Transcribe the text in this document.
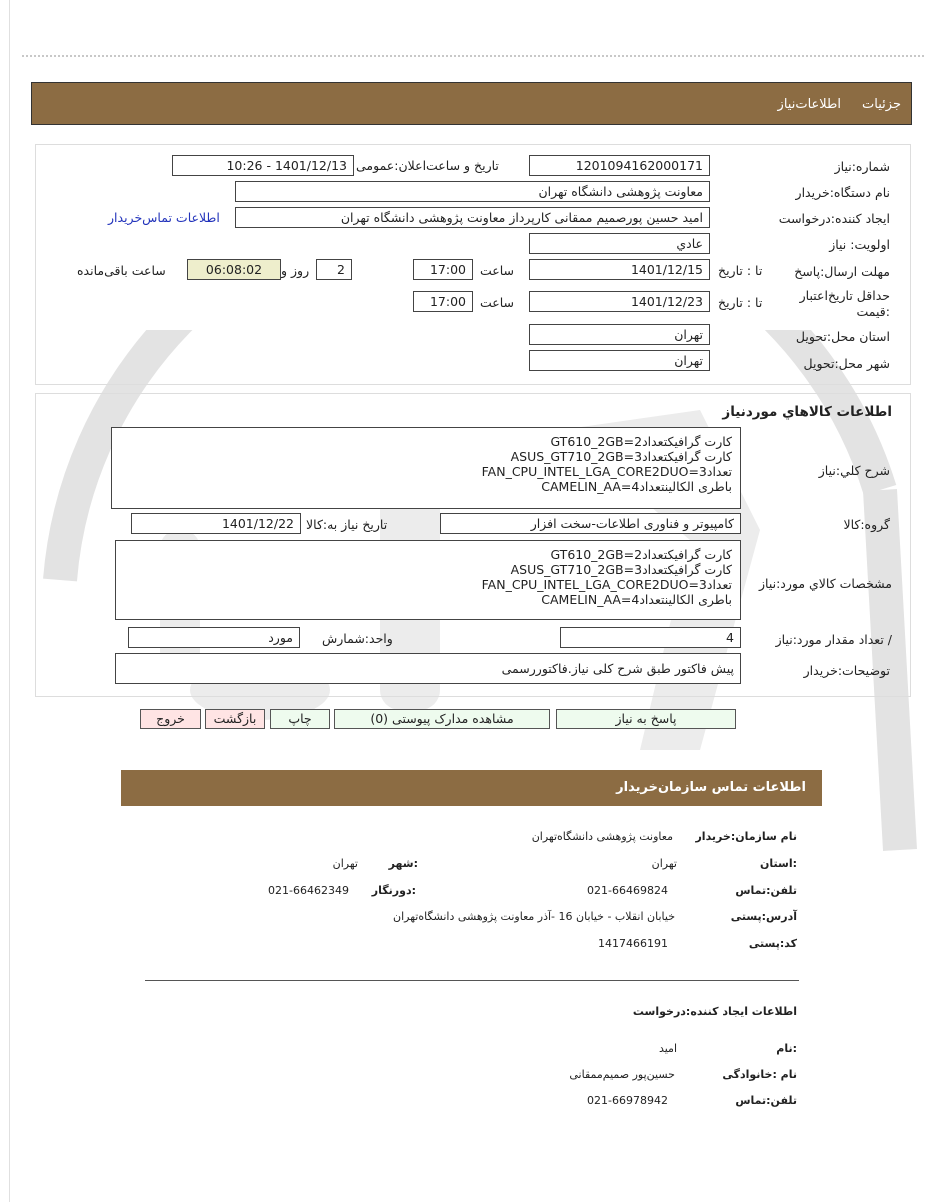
جزئیات
اطلاعات‌نیاز
شماره:نیاز
1201094162000171
تاریخ و ساعت‌اعلان:عمومی
1401/12/13 - 10:26
نام دستگاه:خریدار
معاونت پژوهشی دانشگاه تهران
ایجاد کننده:درخواست
امید حسین پورصمیم ممقانی کارپرداز معاونت پژوهشی دانشگاه تهران
اطلاعات تماس‌خریدار
اولویت: نیاز
عادي
مهلت ارسال:پاسخ
تا : تاریخ
1401/12/15
ساعت
17:00
2
روز و
06:08:02
ساعت باقی‌مانده
حداقل تاریخ‌اعتبار
:قیمت
تا : تاریخ
1401/12/23
ساعت
17:00
استان محل:تحویل
تهران
شهر محل:تحویل
تهران
اطلاعات كالاهاي موردنياز
شرح كلي:نياز
کارت گرافیکتعداد2=GT610_2GB
کارت گرافیکتعداد3=ASUS_GT710_2GB
تعداد3=FAN_CPU_INTEL_LGA_CORE2DUO
باطری الکالینتعداد4=CAMELIN_AA
گروه:کالا
کامپیوتر و فناوری اطلاعات-سخت افزار
تاریخ نیاز به:کالا
1401/12/22
مشخصات كالاي مورد:نياز
کارت گرافیکتعداد2=GT610_2GB
کارت گرافیکتعداد3=ASUS_GT710_2GB
تعداد3=FAN_CPU_INTEL_LGA_CORE2DUO
باطری الکالینتعداد4=CAMELIN_AA
/ تعداد مقدار مورد:نیاز
4
واحد:شمارش
مورد
توضیحات:خریدار
پیش فاکتور طبق شرح کلی نیاز.فاکتوررسمی
پاسخ به نیاز
مشاهده مدارک پیوستی (0)
چاپ
بازگشت
خروج
اطلاعات تماس سازمان‌خریدار
نام سازمان:خریدار
معاونت پژوهشی دانشگاه‌تهران
:استان
تهران
:شهر
تهران
تلفن:تماس
021-66469824
:دورنگار
021-66462349
آدرس:پستی
خیابان انقلاب - خیابان 16 -آذر معاونت پژوهشی دانشگاه‌تهران
کد:پستی
1417466191
اطلاعات ایجاد کننده:درخواست
:نام
امید
نام :خانوادگی
حسین‌پور صمیم‌ممقانی
تلفن:تماس
021-66978942
